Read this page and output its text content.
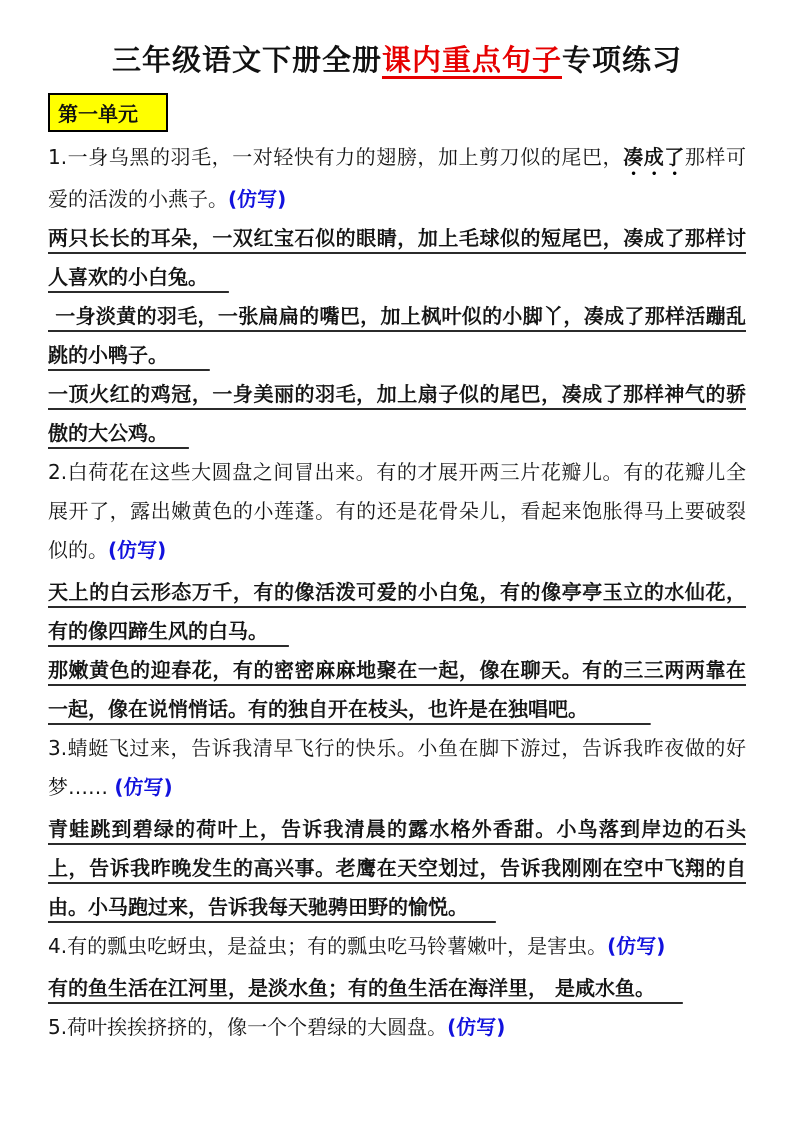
三年级语文下册全册课内重点句子专项练习
第一单元

1.一身乌黑的羽毛，一对轻快有力的翅膀，加上剪刀似的尾巴，凑成了那样可爱的活泼的小燕子。(仿写)

两只长长的耳朵，一双红宝石似的眼睛，加上毛球似的短尾巴，凑成了那样讨人喜欢的小白兔。

一身淡黄的羽毛，一张扁扁的嘴巴，加上枫叶似的小脚丫，凑成了那样活蹦乱跳的小鸭子。

一顶火红的鸡冠，一身美丽的羽毛，加上扇子似的尾巴，凑成了那样神气的骄傲的大公鸡。

2.白荷花在这些大圆盘之间冒出来。有的才展开两三片花瓣儿。有的花瓣儿全展开了，露出嫩黄色的小莲蓬。有的还是花骨朵儿，看起来饱胀得马上要破裂似的。(仿写)

天上的白云形态万千，有的像活泼可爱的小白兔，有的像亭亭玉立的水仙花，有的像四蹄生风的白马。

那嫩黄色的迎春花，有的密密麻麻地聚在一起，像在聊天。有的三三两两靠在一起，像在说悄悄话。有的独自开在枝头，也许是在独唱吧。

3.蜻蜓飞过来，告诉我清早飞行的快乐。小鱼在脚下游过，告诉我昨夜做的好梦…… (仿写)

青蛙跳到碧绿的荷叶上，告诉我清晨的露水格外香甜。小鸟落到岸边的石头上，告诉我昨晚发生的高兴事。老鹰在天空划过，告诉我刚刚在空中飞翔的自由。小马跑过来，告诉我每天驰骋田野的愉悦。

4.有的瓢虫吃蚜虫，是益虫；有的瓢虫吃马铃薯嫩叶，是害虫。(仿写)

有的鱼生活在江河里，是淡水鱼；有的鱼生活在海洋里， 是咸水鱼。

5.荷叶挨挨挤挤的，像一个个碧绿的大圆盘。(仿写)
